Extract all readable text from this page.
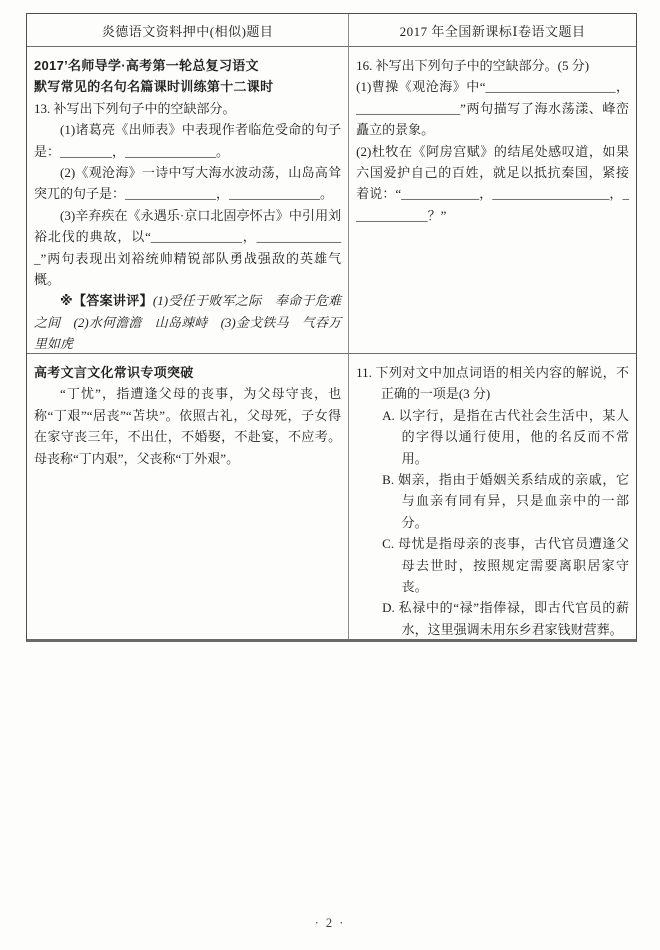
炎德语文资料押中(相似)题目	2017 年全国新课标Ⅰ卷语文题目

2017’名师导学·高考第一轮总复习语文

默写常见的名句名篇课时训练第十二课时

13. 补写出下列句子中的空缺部分。

(1)诸葛亮《出师表》中表现作者临危受命的句子是：________，______________。

(2)《观沧海》一诗中写大海水波动荡，山岛高耸突兀的句子是：______________，______________。

(3)辛弃疾在《永遇乐·京口北固亭怀古》中引用刘裕北伐的典故，以“______________，______________”两句表现出刘裕统帅精锐部队勇战强敌的英雄气概。

※【答案讲评】(1)受任于败军之际　奉命于危难之间　(2)水何澹澹　山岛竦峙　(3)金戈铁马　气吞万里如虎

16. 补写出下列句子中的空缺部分。(5 分)

(1)曹操《观沧海》中“____________________，________________”两句描写了海水荡漾、峰峦矗立的景象。

(2)杜牧在《阿房宫赋》的结尾处感叹道，如果六国爱护自己的百姓，就足以抵抗秦国，紧接着说：“____________，__________________，____________？”

高考文言文化常识专项突破

“丁忧”，指遭逢父母的丧事，为父母守丧，也称“丁艰”“居丧”“苫块”。依照古礼，父母死，子女得在家守丧三年，不出仕，不婚娶，不赴宴，不应考。母丧称“丁内艰”，父丧称“丁外艰”。

11. 下列对文中加点词语的相关内容的解说，不正确的一项是(3 分)

A. 以字行，是指在古代社会生活中，某人的字得以通行使用，他的名反而不常用。

B. 姻亲，指由于婚姻关系结成的亲戚，它与血亲有同有异，只是血亲中的一部分。

C. 母忧是指母亲的丧事，古代官员遭逢父母去世时，按照规定需要离职居家守丧。

D. 私禄中的“禄”指俸禄，即古代官员的薪水，这里强调未用东乡君家钱财营葬。

· 2 ·
